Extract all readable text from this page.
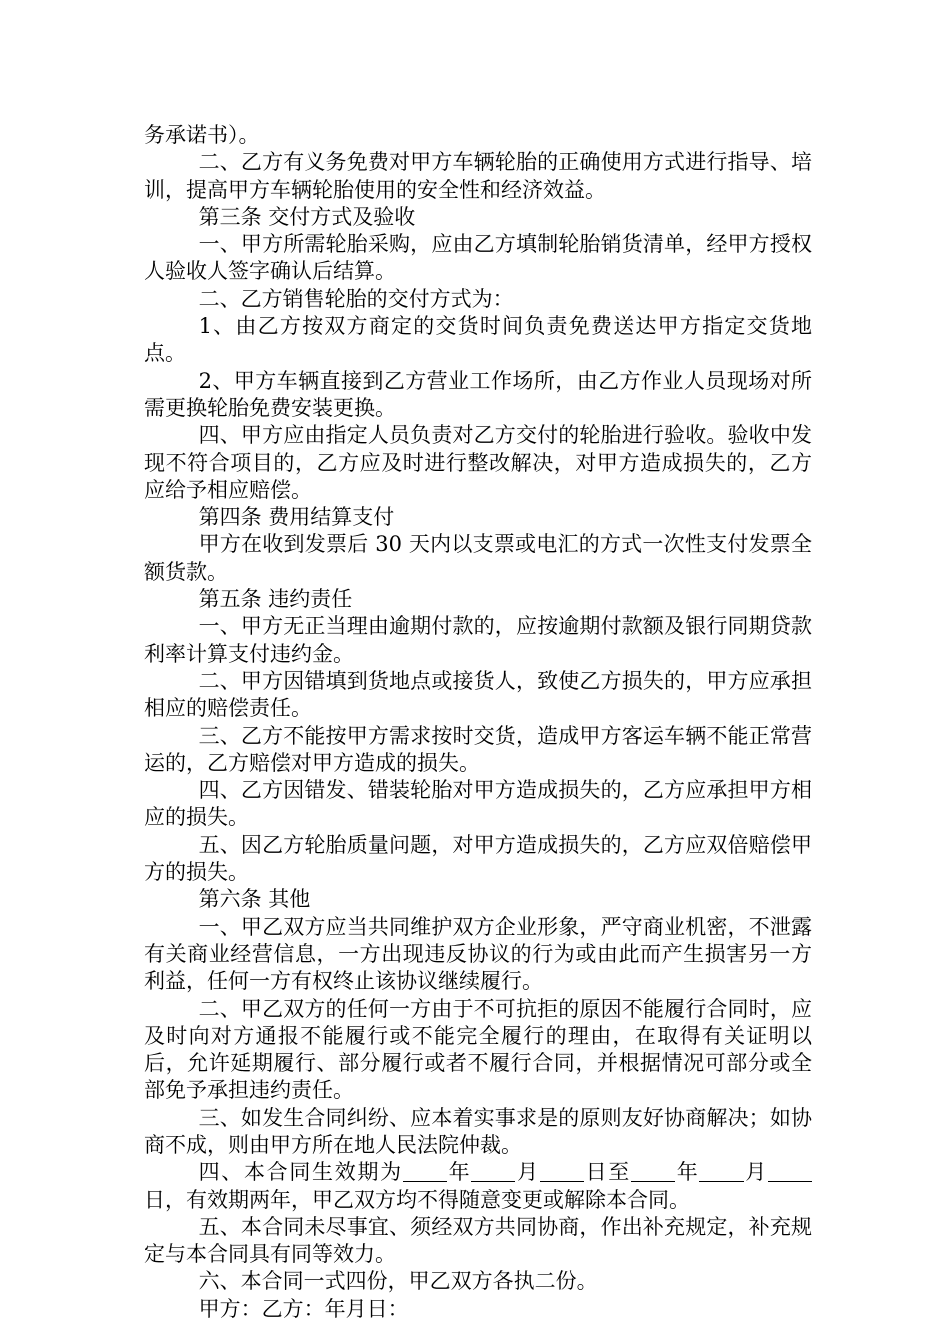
务承诺书）。

二、乙方有义务免费对甲方车辆轮胎的正确使用方式进行指导、培训，提高甲方车辆轮胎使用的安全性和经济效益。

第三条 交付方式及验收

一、甲方所需轮胎采购，应由乙方填制轮胎销货清单，经甲方授权人验收人签字确认后结算。

二、乙方销售轮胎的交付方式为：

1、由乙方按双方商定的交货时间负责免费送达甲方指定交货地点。

2、甲方车辆直接到乙方营业工作场所，由乙方作业人员现场对所需更换轮胎免费安装更换。

四、甲方应由指定人员负责对乙方交付的轮胎进行验收。验收中发现不符合项目的，乙方应及时进行整改解决，对甲方造成损失的，乙方应给予相应赔偿。

第四条 费用结算支付

甲方在收到发票后 30 天内以支票或电汇的方式一次性支付发票全额货款。

第五条 违约责任

一、甲方无正当理由逾期付款的，应按逾期付款额及银行同期贷款利率计算支付违约金。

二、甲方因错填到货地点或接货人，致使乙方损失的，甲方应承担相应的赔偿责任。

三、乙方不能按甲方需求按时交货，造成甲方客运车辆不能正常营运的，乙方赔偿对甲方造成的损失。

四、乙方因错发、错装轮胎对甲方造成损失的，乙方应承担甲方相应的损失。

五、因乙方轮胎质量问题，对甲方造成损失的，乙方应双倍赔偿甲方的损失。

第六条 其他

一、甲乙双方应当共同维护双方企业形象，严守商业机密，不泄露有关商业经营信息，一方出现违反协议的行为或由此而产生损害另一方利益，任何一方有权终止该协议继续履行。

二、甲乙双方的任何一方由于不可抗拒的原因不能履行合同时，应及时向对方通报不能履行或不能完全履行的理由，在取得有关证明以后，允许延期履行、部分履行或者不履行合同，并根据情况可部分或全部免予承担违约责任。

三、如发生合同纠纷、应本着实事求是的原则友好协商解决；如协商不成，则由甲方所在地人民法院仲裁。

四、本合同生效期为 年 月 日至 年 月日，有效期两年，甲乙双方均不得随意变更或解除本合同。

五、本合同未尽事宜、须经双方共同协商，作出补充规定，补充规定与本合同具有同等效力。

六、本合同一式四份，甲乙双方各执二份。

甲方：乙方：年月日：
